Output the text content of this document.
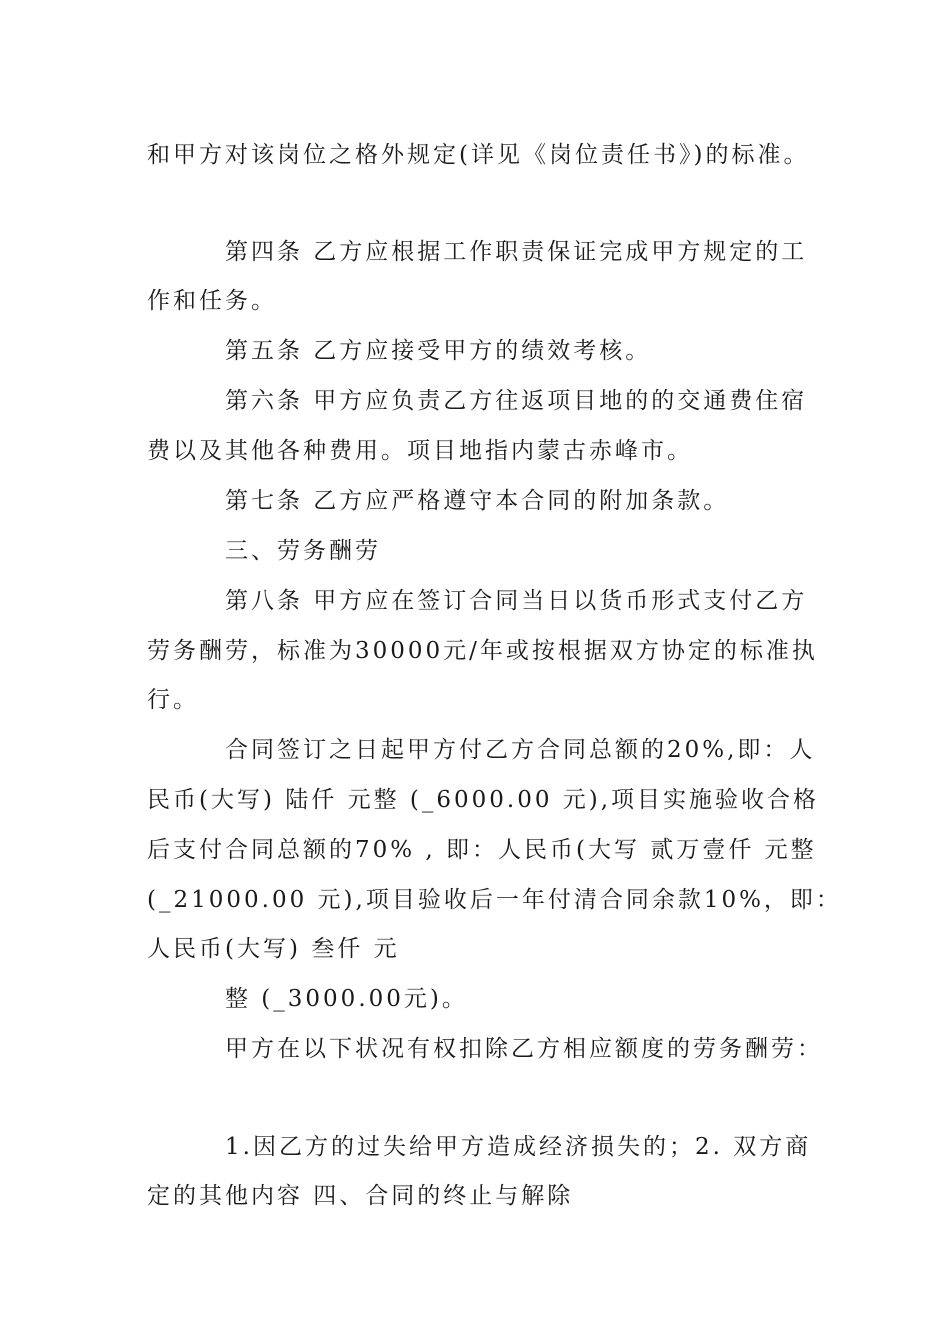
和甲方对该岗位之格外规定(详见《岗位责任书》)的标准。
第四条 乙方应根据工作职责保证完成甲方规定的工
作和任务。
第五条 乙方应接受甲方的绩效考核。
第六条 甲方应负责乙方往返项目地的的交通费住宿
费以及其他各种费用。项目地指内蒙古赤峰市。
第七条 乙方应严格遵守本合同的附加条款。
三、劳务酬劳
第八条 甲方应在签订合同当日以货币形式支付乙方
劳务酬劳，标准为30000元/年或按根据双方协定的标准执
行。
合同签订之日起甲方付乙方合同总额的20%,即：人
民币(大写) 陆仟 元整 (_6000.00 元),项目实施验收合格
后支付合同总额的70% , 即：人民币(大写 贰万壹仟 元整
(_21000.00 元),项目验收后一年付清合同余款10%，即：
人民币(大写) 叁仟 元
整 (_3000.00元)。
甲方在以下状况有权扣除乙方相应额度的劳务酬劳：
1.因乙方的过失给甲方造成经济损失的；2. 双方商
定的其他内容 四、合同的终止与解除
